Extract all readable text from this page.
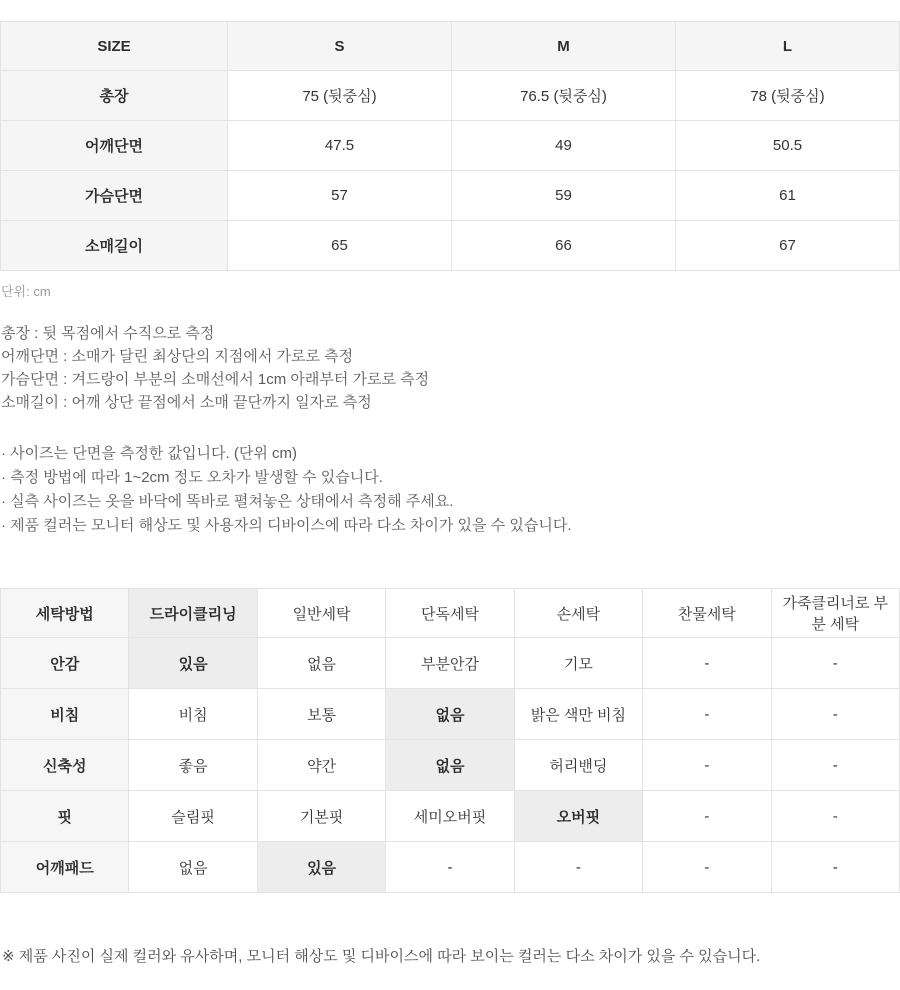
SIZE	S	M	L
총장	75 (뒷중심)	76.5 (뒷중심)	78 (뒷중심)
어깨단면	47.5	49	50.5
가슴단면	57	59	61
소매길이	65	66	67

단위: cm

총장 : 뒷 목점에서 수직으로 측정

어깨단면 : 소매가 달린 최상단의 지점에서 가로로 측정

가슴단면 : 겨드랑이 부분의 소매선에서 1cm 아래부터 가로로 측정

소매길이 : 어깨 상단 끝점에서 소매 끝단까지 일자로 측정

· 사이즈는 단면을 측정한 값입니다. (단위 cm)

· 측정 방법에 따라 1~2cm 정도 오차가 발생할 수 있습니다.

· 실측 사이즈는 옷을 바닥에 똑바로 펼쳐놓은 상태에서 측정해 주세요.

· 제품 컬러는 모니터 해상도 및 사용자의 디바이스에 따라 다소 차이가 있을 수 있습니다.

세탁방법	드라이클리닝	일반세탁	단독세탁	손세탁	찬물세탁	가죽클리너로 부분 세탁
안감	있음	없음	부분안감	기모	-	-
비침	비침	보통	없음	밝은 색만 비침	-	-
신축성	좋음	약간	없음	허리밴딩	-	-
핏	슬림핏	기본핏	세미오버핏	오버핏	-	-
어깨패드	없음	있음	-	-	-	-

※ 제품 사진이 실제 컬러와 유사하며, 모니터 해상도 및 디바이스에 따라 보이는 컬러는 다소 차이가 있을 수 있습니다.
